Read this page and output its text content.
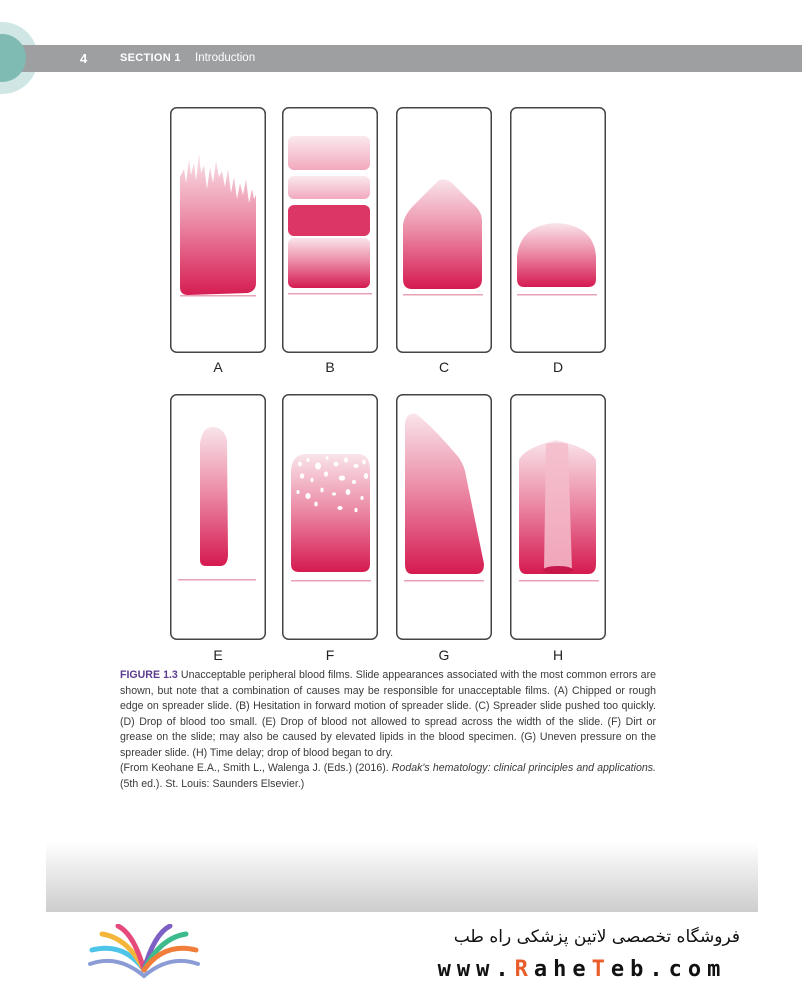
4	SECTION 1 Introduction
A	B	C	D
E	F	G	H
FIGURE 1.3 Unacceptable peripheral blood films. Slide appearances associated with the most common errors are shown, but note that a combination of causes may be responsible for unacceptable films. (A) Chipped or rough edge on spreader slide. (B) Hesitation in forward motion of spreader slide. (C) Spreader slide pushed too quickly. (D) Drop of blood too small. (E) Drop of blood not allowed to spread across the width of the slide. (F) Dirt or grease on the slide; may also be caused by elevated lipids in the blood specimen. (G) Uneven pressure on the spreader slide. (H) Time delay; drop of blood began to dry.
(From Keohane E.A., Smith L., Walenga J. (Eds.) (2016). Rodak's hematology: clinical principles and applications. (5th ed.). St. Louis: Saunders Elsevier.)
فروشگاه تخصصی لاتین پزشکی راه طب
www.RaheTeb.com
